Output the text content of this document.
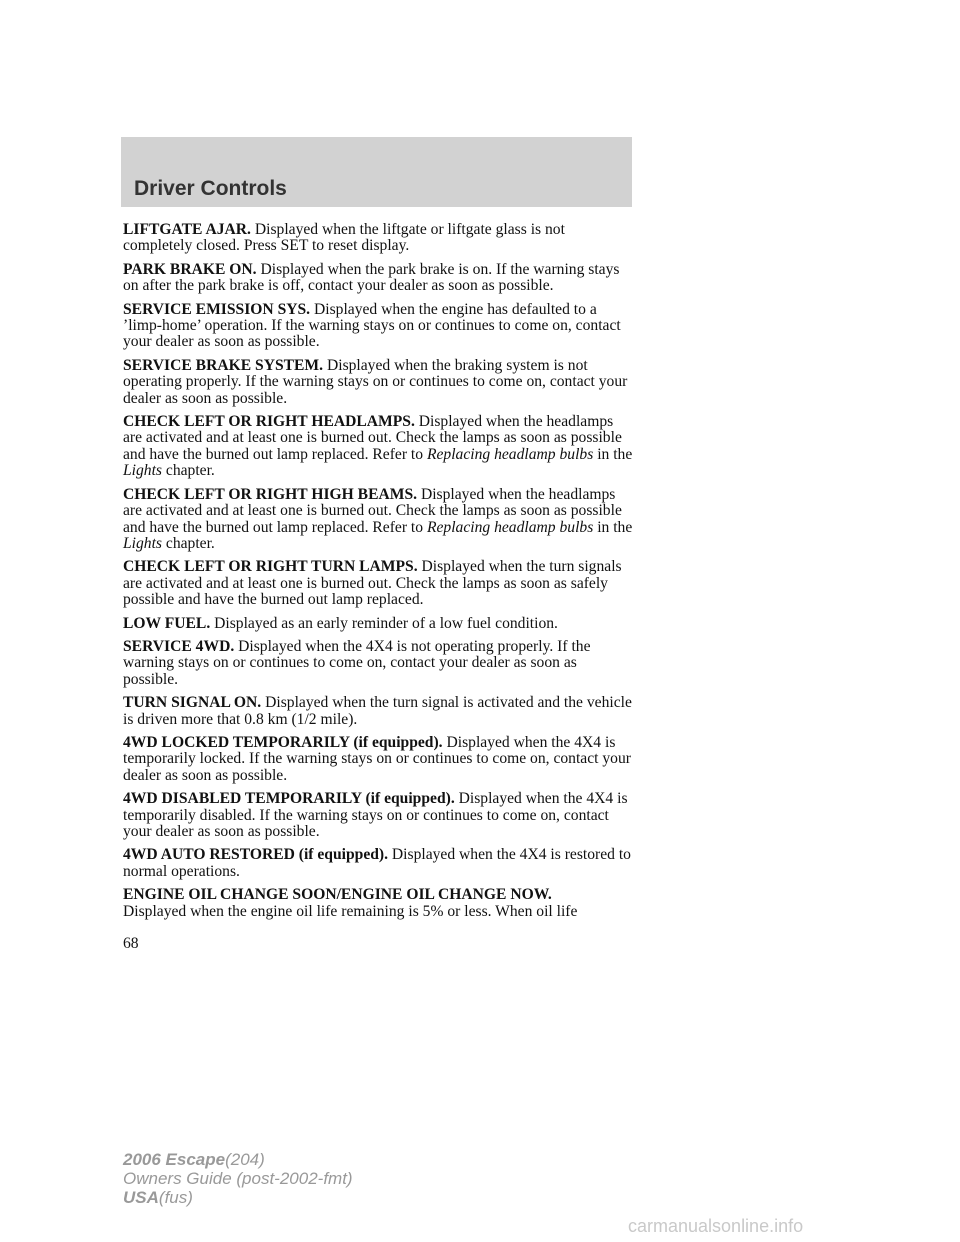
Driver Controls

LIFTGATE AJAR. Displayed when the liftgate or liftgate glass is not completely closed. Press SET to reset display.

PARK BRAKE ON. Displayed when the park brake is on. If the warning stays on after the park brake is off, contact your dealer as soon as possible.

SERVICE EMISSION SYS. Displayed when the engine has defaulted to a ’limp-home’ operation. If the warning stays on or continues to come on, contact your dealer as soon as possible.

SERVICE BRAKE SYSTEM. Displayed when the braking system is not operating properly. If the warning stays on or continues to come on, contact your dealer as soon as possible.

CHECK LEFT OR RIGHT HEADLAMPS. Displayed when the headlamps are activated and at least one is burned out. Check the lamps as soon as possible and have the burned out lamp replaced. Refer to Replacing headlamp bulbs in the Lights chapter.

CHECK LEFT OR RIGHT HIGH BEAMS. Displayed when the headlamps are activated and at least one is burned out. Check the lamps as soon as possible and have the burned out lamp replaced. Refer to Replacing headlamp bulbs in the Lights chapter.

CHECK LEFT OR RIGHT TURN LAMPS. Displayed when the turn signals are activated and at least one is burned out. Check the lamps as soon as safely possible and have the burned out lamp replaced.

LOW FUEL. Displayed as an early reminder of a low fuel condition.

SERVICE 4WD. Displayed when the 4X4 is not operating properly. If the warning stays on or continues to come on, contact your dealer as soon as possible.

TURN SIGNAL ON. Displayed when the turn signal is activated and the vehicle is driven more that 0.8 km (1/2 mile).

4WD LOCKED TEMPORARILY (if equipped). Displayed when the 4X4 is temporarily locked. If the warning stays on or continues to come on, contact your dealer as soon as possible.

4WD DISABLED TEMPORARILY (if equipped). Displayed when the 4X4 is temporarily disabled. If the warning stays on or continues to come on, contact your dealer as soon as possible.

4WD AUTO RESTORED (if equipped). Displayed when the 4X4 is restored to normal operations.

ENGINE OIL CHANGE SOON/ENGINE OIL CHANGE NOW.
Displayed when the engine oil life remaining is 5% or less. When oil life

68
2006 Escape(204)
Owners Guide (post-2002-fmt)
USA(fus)
carmanualsonline.info
